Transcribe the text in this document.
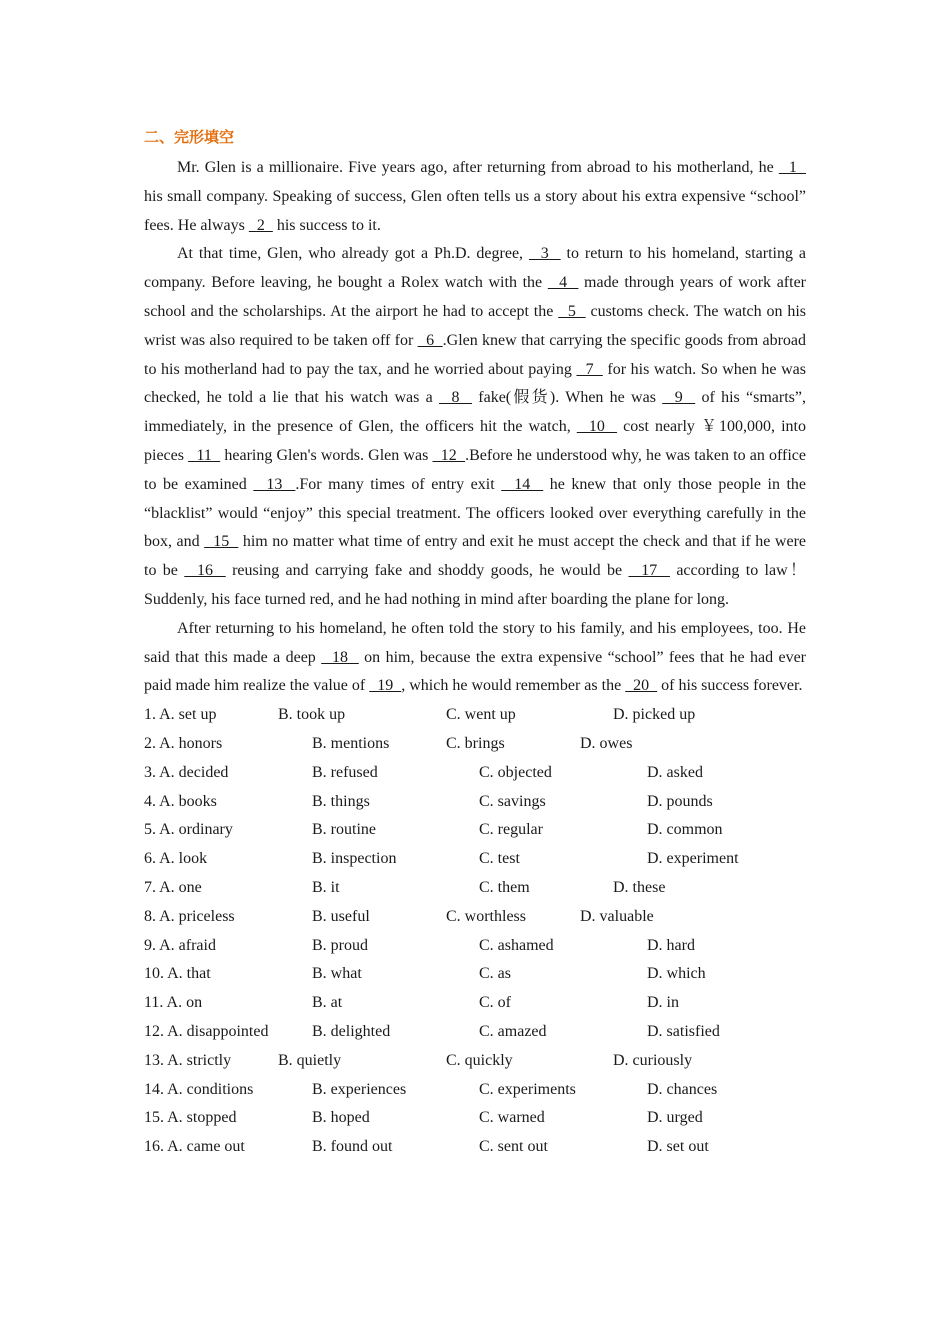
二、完形填空

Mr. Glen is a millionaire. Five years ago, after returning from abroad to his motherland, he   1   his small company. Speaking of success, Glen often tells us a story about his extra expensive “school” fees. He always   2   his success to it.

At that time, Glen, who already got a Ph.D. degree,   3   to return to his homeland, starting a company. Before leaving, he bought a Rolex watch with the   4   made through years of work after school and the scholarships. At the airport he had to accept the   5   customs check. The watch on his wrist was also required to be taken off for   6  .Glen knew that carrying the specific goods from abroad to his motherland had to pay the tax, and he worried about paying   7   for his watch. So when he was checked, he told a lie that his watch was a   8   fake(假货). When he was   9   of his “smarts”, immediately, in the presence of Glen, the officers hit the watch,   10   cost nearly ￥100,000, into pieces   11   hearing Glen's words. Glen was   12  .Before he understood why, he was taken to an office to be examined   13  .For many times of entry exit   14   he knew that only those people in the “blacklist” would “enjoy” this special treatment. The officers looked over everything carefully in the box, and   15   him no matter what time of entry and exit he must accept the check and that if he were to be   16   reusing and carrying fake and shoddy goods, he would be   17   according to law！ Suddenly, his face turned red, and he had nothing in mind after boarding the plane for long.

After returning to his homeland, he often told the story to his family, and his employees, too. He said that this made a deep   18   on him, because the extra expensive “school” fees that he had ever paid made him realize the value of   19  , which he would remember as the   20   of his success forever.

1. A. set up	B. took up	C. went up	D. picked up
2. A. honors	B. mentions	C. brings	D. owes
3. A. decided	B. refused	C. objected	D. asked
4. A. books	B. things	C. savings	D. pounds
5. A. ordinary	B. routine	C. regular	D. common
6. A. look	B. inspection	C. test	D. experiment
7. A. one	B. it	C. them	D. these
8. A. priceless	B. useful	C. worthless	D. valuable
9. A. afraid	B. proud	C. ashamed	D. hard
10. A. that	B. what	C. as	D. which
11. A. on	B. at	C. of	D. in
12. A. disappointed	B. delighted	C. amazed	D. satisfied
13. A. strictly	B. quietly	C. quickly	D. curiously
14. A. conditions	B. experiences	C. experiments	D. chances
15. A. stopped	B. hoped	C. warned	D. urged
16. A. came out	B. found out	C. sent out	D. set out
